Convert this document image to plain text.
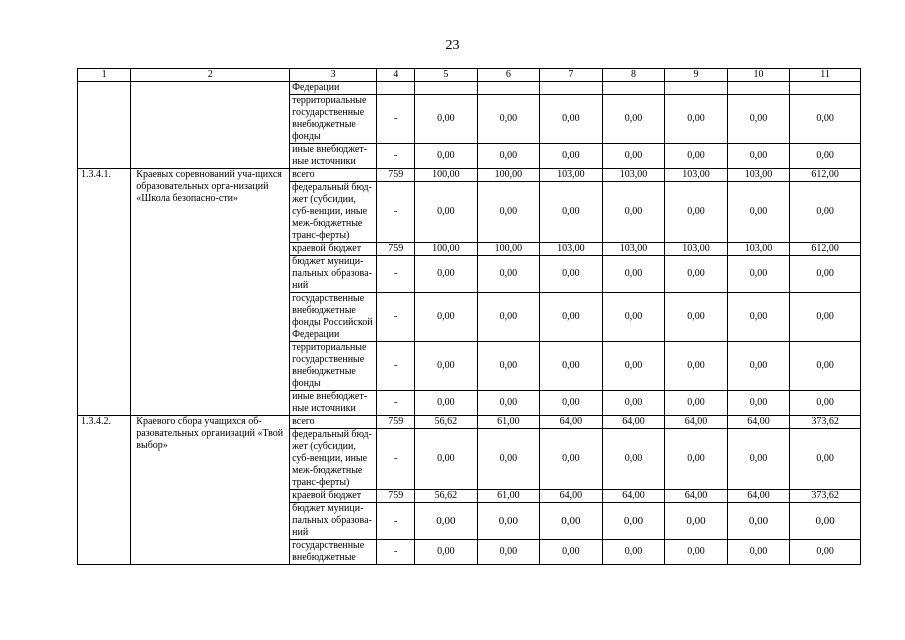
23
1	2	3	4	5	6	7	8	9	10	11
		Федерации								
		территориальные государственные внебюджетные фонды	-	0,00	0,00	0,00	0,00	0,00	0,00	0,00
		иные внебюджет-ные источники	-	0,00	0,00	0,00	0,00	0,00	0,00	0,00
1.3.4.1.	Краевых соревнований уча-щихся образовательных орга-низаций «Школа безопасно-сти»	всего	759	100,00	100,00	103,00	103,00	103,00	103,00	612,00
		федеральный бюд-жет (субсидии, суб-венции, иные меж-бюджетные транс-ферты)	-	0,00	0,00	0,00	0,00	0,00	0,00	0,00
		краевой бюджет	759	100,00	100,00	103,00	103,00	103,00	103,00	612,00
		бюджет муници-пальных образова-ний	-	0,00	0,00	0,00	0,00	0,00	0,00	0,00
		государственные внебюджетные фонды Российской Федерации	-	0,00	0,00	0,00	0,00	0,00	0,00	0,00
		территориальные государственные внебюджетные фонды	-	0,00	0,00	0,00	0,00	0,00	0,00	0,00
		иные внебюджет-ные источники	-	0,00	0,00	0,00	0,00	0,00	0,00	0,00
1.3.4.2.	Краевого сбора учащихся об-разовательных организаций «Твой выбор»	всего	759	56,62	61,00	64,00	64,00	64,00	64,00	373,62
		федеральный бюд-жет (субсидии, суб-венции, иные меж-бюджетные транс-ферты)	-	0,00	0,00	0,00	0,00	0,00	0,00	0,00
		краевой бюджет	759	56,62	61,00	64,00	64,00	64,00	64,00	373,62
		бюджет муници-пальных образова-ний	-	0,00	0,00	0,00	0,00	0,00	0,00	0,00
		государственные внебюджетные	-	0,00	0,00	0,00	0,00	0,00	0,00	0,00
